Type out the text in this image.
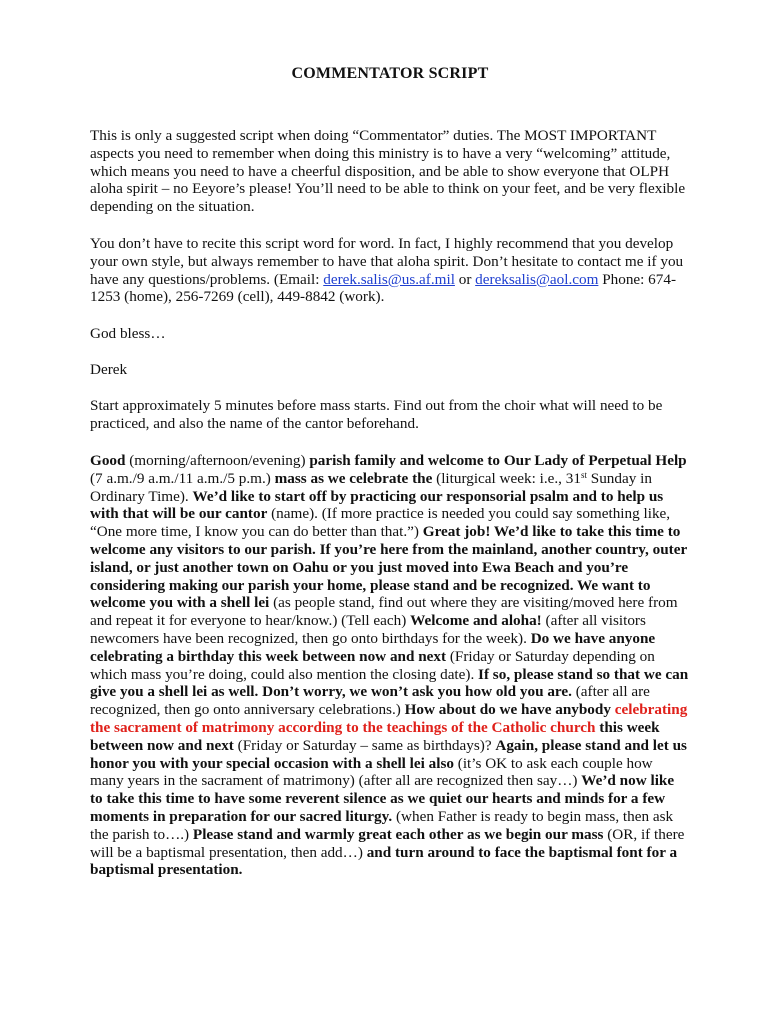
COMMENTATOR SCRIPT

This is only a suggested script when doing “Commentator” duties. The MOST IMPORTANT aspects you need to remember when doing this ministry is to have a very “welcoming” attitude, which means you need to have a cheerful disposition, and be able to show everyone that OLPH aloha spirit – no Eeyore’s please! You’ll need to be able to think on your feet, and be very flexible depending on the situation.

You don’t have to recite this script word for word. In fact, I highly recommend that you develop your own style, but always remember to have that aloha spirit. Don’t hesitate to contact me if you have any questions/problems. (Email: derek.salis@us.af.mil or dereksalis@aol.com Phone: 674-1253 (home), 256-7269 (cell), 449-8842 (work).

God bless…

Derek

Start approximately 5 minutes before mass starts. Find out from the choir what will need to be practiced, and also the name of the cantor beforehand.

Good (morning/afternoon/evening) parish family and welcome to Our Lady of Perpetual Help (7 a.m./9 a.m./11 a.m./5 p.m.) mass as we celebrate the (liturgical week: i.e., 31st Sunday in Ordinary Time). We’d like to start off by practicing our responsorial psalm and to help us with that will be our cantor (name). (If more practice is needed you could say something like, “One more time, I know you can do better than that.”) Great job! We’d like to take this time to welcome any visitors to our parish. If you’re here from the mainland, another country, outer island, or just another town on Oahu or you just moved into Ewa Beach and you’re considering making our parish your home, please stand and be recognized. We want to welcome you with a shell lei (as people stand, find out where they are visiting/moved here from and repeat it for everyone to hear/know.) (Tell each) Welcome and aloha! (after all visitors newcomers have been recognized, then go onto birthdays for the week). Do we have anyone celebrating a birthday this week between now and next (Friday or Saturday depending on which mass you’re doing, could also mention the closing date). If so, please stand so that we can give you a shell lei as well. Don’t worry, we won’t ask you how old you are. (after all are recognized, then go onto anniversary celebrations.) How about do we have anybody celebrating the sacrament of matrimony according to the teachings of the Catholic church this week between now and next (Friday or Saturday – same as birthdays)? Again, please stand and let us honor you with your special occasion with a shell lei also (it’s OK to ask each couple how many years in the sacrament of matrimony) (after all are recognized then say…) We’d now like to take this time to have some reverent silence as we quiet our hearts and minds for a few moments in preparation for our sacred liturgy. (when Father is ready to begin mass, then ask the parish to….) Please stand and warmly great each other as we begin our mass (OR, if there will be a baptismal presentation, then add…) and turn around to face the baptismal font for a baptismal presentation.
